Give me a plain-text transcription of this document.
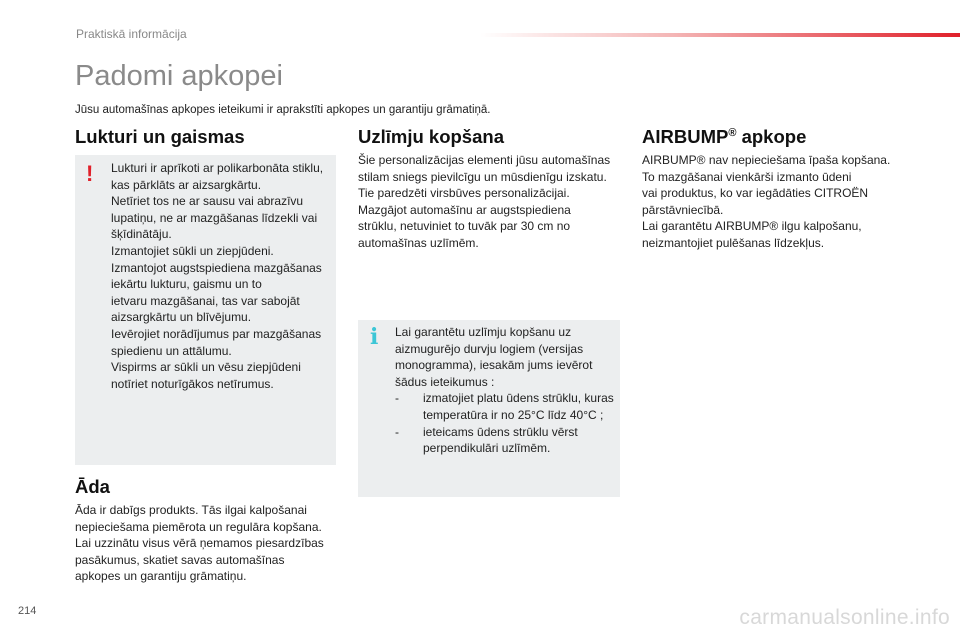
Praktiskā informācija
Padomi apkopei
Jūsu automašīnas apkopes ieteikumi ir aprakstīti apkopes un garantiju grāmatiņā.
Lukturi un gaismas
! Lukturi ir aprīkoti ar polikarbonāta stiklu,
kas pārklāts ar aizsargkārtu.
Netīriet tos ne ar sausu vai abrazīvu
lupatiņu, ne ar mazgāšanas līdzekli vai
šķīdinātāju.
Izmantojiet sūkli un ziepjūdeni.
Izmantojot augstspiediena mazgāšanas
iekārtu lukturu, gaismu un to
ietvaru mazgāšanai, tas var sabojāt
aizsargkārtu un blīvējumu.
Ievērojiet norādījumus par mazgāšanas
spiedienu un attālumu.
Vispirms ar sūkli un vēsu ziepjūdeni
notīriet noturīgākos netīrumus.
Āda
Āda ir dabīgs produkts. Tās ilgai kalpošanai
nepieciešama piemērota un regulāra kopšana.
Lai uzzinātu visus vērā ņemamos piesardzības
pasākumus, skatiet savas automašīnas
apkopes un garantiju grāmatiņu.
Uzlīmju kopšana
Šie personalizācijas elementi jūsu automašīnas
stilam sniegs pievilcīgu un mūsdienīgu izskatu.
Tie paredzēti virsbūves personalizācijai.
Mazgājot automašīnu ar augstspiediena
strūklu, netuviniet to tuvāk par 30 cm no
automašīnas uzlīmēm.
i Lai garantētu uzlīmju kopšanu uz
aizmugurējo durvju logiem (versijas
monogramma), iesakām jums ievērot
šādus ieteikumus :
- izmatojiet platu ūdens strūklu, kuras
temperatūra ir no 25°C līdz 40°C ;
- ieteicams ūdens strūklu vērst
perpendikulāri uzlīmēm.
AIRBUMP® apkope
AIRBUMP® nav nepieciešama īpaša kopšana.
To mazgāšanai vienkārši izmanto ūdeni
vai produktus, ko var iegādāties CITROËN
pārstāvniecībā.
Lai garantētu AIRBUMP® ilgu kalpošanu,
neizmantojiet pulēšanas līdzekļus.
214	carmanualsonline.info
